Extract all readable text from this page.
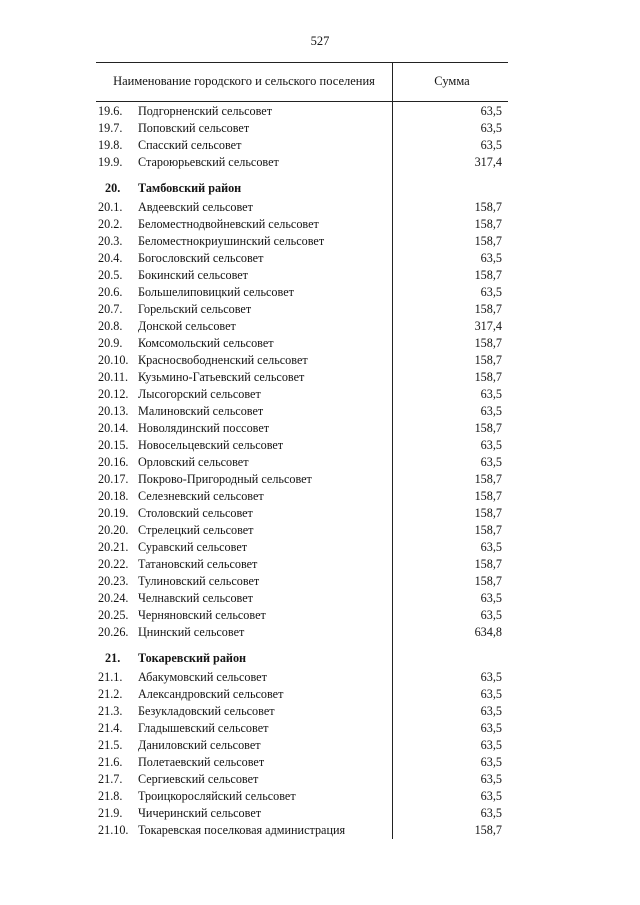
527
Наименование городского и сельского поселения	Сумма
19.6. Подгорненский сельсовет	63,5
19.7. Поповский сельсовет	63,5
19.8. Спасский сельсовет	63,5
19.9. Староюрьевский сельсовет	317,4
20. Тамбовский район
20.1. Авдеевский сельсовет	158,7
20.2. Беломестнодвойневский сельсовет	158,7
20.3. Беломестнокриушинский сельсовет	158,7
20.4. Богословский сельсовет	63,5
20.5. Бокинский сельсовет	158,7
20.6. Большелиповицкий сельсовет	63,5
20.7. Горельский сельсовет	158,7
20.8. Донской сельсовет	317,4
20.9. Комсомольский сельсовет	158,7
20.10. Красносвободненский сельсовет	158,7
20.11. Кузьмино-Гатьевский сельсовет	158,7
20.12. Лысогорский сельсовет	63,5
20.13. Малиновский сельсовет	63,5
20.14. Новолядинский поссовет	158,7
20.15. Новосельцевский сельсовет	63,5
20.16. Орловский сельсовет	63,5
20.17. Покрово-Пригородный сельсовет	158,7
20.18. Селезневский сельсовет	158,7
20.19. Столовский сельсовет	158,7
20.20. Стрелецкий сельсовет	158,7
20.21. Суравский сельсовет	63,5
20.22. Татановский сельсовет	158,7
20.23. Тулиновский сельсовет	158,7
20.24. Челнавский сельсовет	63,5
20.25. Черняновский сельсовет	63,5
20.26. Цнинский сельсовет	634,8
21. Токаревский район
21.1. Абакумовский сельсовет	63,5
21.2. Александровский сельсовет	63,5
21.3. Безукладовский сельсовет	63,5
21.4. Гладышевский сельсовет	63,5
21.5. Даниловский сельсовет	63,5
21.6. Полетаевский сельсовет	63,5
21.7. Сергиевский сельсовет	63,5
21.8. Троицкоросляйский сельсовет	63,5
21.9. Чичеринский сельсовет	63,5
21.10. Токаревская поселковая администрация	158,7
